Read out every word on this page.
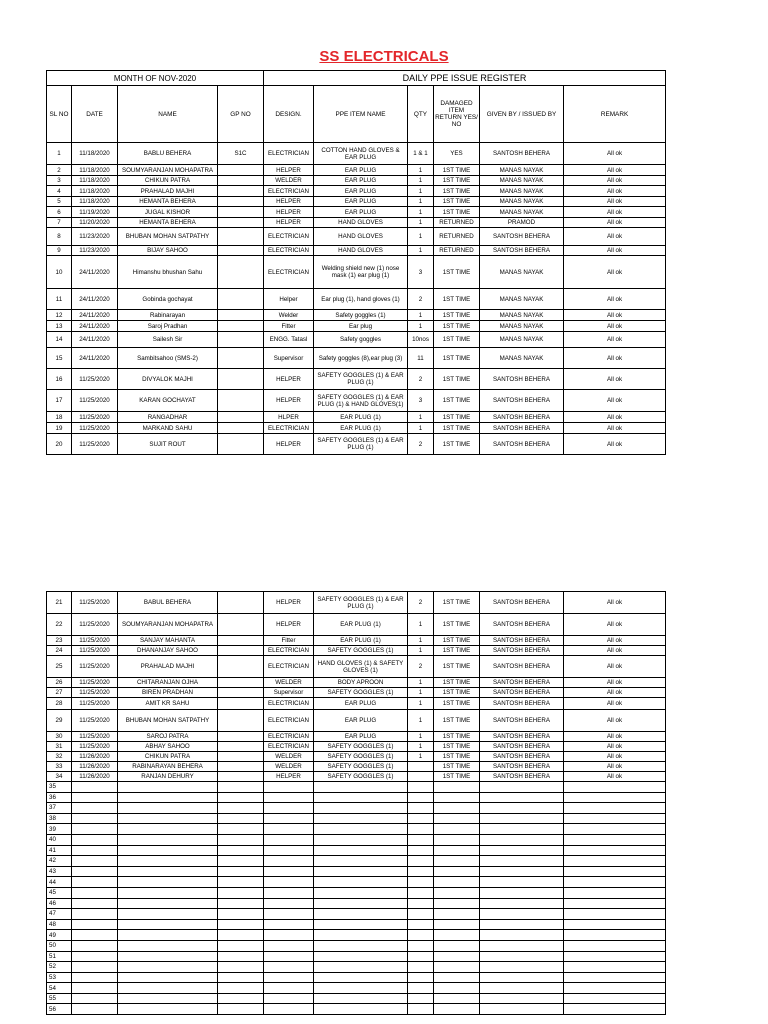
SS ELECTRICALS
MONTH OF NOV-2020				DAILY PPE ISSUE REGISTER					
SL NO	DATE	NAME	GP NO	DESIGN.	PPE ITEM NAME	QTY	DAMAGED ITEM RETURN YES/ NO	GIVEN BY / ISSUED BY	REMARK
1	11/18/2020	BABLU BEHERA	S1C	ELECTRICIAN	COTTON HAND GLOVES & EAR PLUG	1 & 1	YES	SANTOSH BEHERA	All ok
2	11/18/2020	SOUMYARANJAN MOHAPATRA		HELPER	EAR PLUG	1	1ST TIME	MANAS NAYAK	All ok
3	11/18/2020	CHIKUN PATRA		WELDER	EAR PLUG	1	1ST TIME	MANAS NAYAK	All ok
4	11/18/2020	PRAHALAD MAJHI		ELECTRICIAN	EAR PLUG	1	1ST TIME	MANAS NAYAK	All ok
5	11/18/2020	HEMANTA BEHERA		HELPER	EAR PLUG	1	1ST TIME	MANAS NAYAK	All ok
6	11/19/2020	JUGAL KISHOR		HELPER	EAR PLUG	1	1ST TIME	MANAS NAYAK	All ok
7	11/20/2020	HEMANTA BEHERA		HELPER	HAND GLOVES	1	RETURNED	PRAMOD	All ok
8	11/23/2020	BHUBAN MOHAN SATPATHY		ELECTRICIAN	HAND GLOVES	1	RETURNED	SANTOSH BEHERA	All ok
9	11/23/2020	BIJAY SAHOO		ELECTRICIAN	HAND GLOVES	1	RETURNED	SANTOSH BEHERA	All ok
10	24/11/2020	Himanshu bhushan Sahu		ELECTRICIAN	Welding shield new (1) nose mask (1) ear plug (1)	3	1ST TIME	MANAS NAYAK	All ok
11	24/11/2020	Gobinda gochayat		Helper	Ear plug (1), hand gloves (1)	2	1ST TIME	MANAS NAYAK	All ok
12	24/11/2020	Rabinarayan		Welder	Safety goggles (1)	1	1ST TIME	MANAS NAYAK	All ok
13	24/11/2020	Saroj Pradhan		Fitter	Ear plug	1	1ST TIME	MANAS NAYAK	All ok
14	24/11/2020	Sailesh Sir		ENGG. Tatasl	Safety goggles	10nos	1ST TIME	MANAS NAYAK	All ok
15	24/11/2020	Sambitsahoo (SMS-2)		Supervisor	Safety goggles (8),ear plug (3)	11	1ST TIME	MANAS NAYAK	All ok
16	11/25/2020	DIVYALOK MAJHI		HELPER	SAFETY GOGGLES (1) & EAR PLUG (1)	2	1ST TIME	SANTOSH BEHERA	All ok
17	11/25/2020	KARAN GOCHAYAT		HELPER	SAFETY GOGGLES (1) & EAR PLUG (1) & HAND GLOVES(1)	3	1ST TIME	SANTOSH BEHERA	All ok
18	11/25/2020	RANGADHAR		HLPER	EAR PLUG (1)	1	1ST TIME	SANTOSH BEHERA	All ok
19	11/25/2020	MARKAND SAHU		ELECTRICIAN	EAR PLUG (1)	1	1ST TIME	SANTOSH BEHERA	All ok
20	11/25/2020	SUJIT ROUT		HELPER	SAFETY GOGGLES (1) & EAR PLUG (1)	2	1ST TIME	SANTOSH BEHERA	All ok
21	11/25/2020	BABUL BEHERA		HELPER	SAFETY GOGGLES (1) & EAR PLUG (1)	2	1ST TIME	SANTOSH BEHERA	All ok
22	11/25/2020	SOUMYARANJAN MOHAPATRA		HELPER	EAR PLUG (1)	1	1ST TIME	SANTOSH BEHERA	All ok
23	11/25/2020	SANJAY MAHANTA		Fitter	EAR PLUG (1)	1	1ST TIME	SANTOSH BEHERA	All ok
24	11/25/2020	DHANANJAY SAHOO		ELECTRICIAN	SAFETY GOGGLES (1)	1	1ST TIME	SANTOSH BEHERA	All ok
25	11/25/2020	PRAHALAD MAJHI		ELECTRICIAN	HAND GLOVES (1) & SAFETY GLOVES (1)	2	1ST TIME	SANTOSH BEHERA	All ok
26	11/25/2020	CHITARANJAN OJHA		WELDER	BODY APROON	1	1ST TIME	SANTOSH BEHERA	All ok
27	11/25/2020	BIREN PRADHAN		Supervisor	SAFETY GOGGLES (1)	1	1ST TIME	SANTOSH BEHERA	All ok
28	11/25/2020	AMIT KR SAHU		ELECTRICIAN	EAR PLUG	1	1ST TIME	SANTOSH BEHERA	All ok
29	11/25/2020	BHUBAN MOHAN SATPATHY		ELECTRICIAN	EAR PLUG	1	1ST TIME	SANTOSH BEHERA	All ok
30	11/25/2020	SAROJ PATRA		ELECTRICIAN	EAR PLUG	1	1ST TIME	SANTOSH BEHERA	All ok
31	11/25/2020	ABHAY SAHOO		ELECTRICIAN	SAFETY GOGGLES (1)	1	1ST TIME	SANTOSH BEHERA	All ok
32	11/26/2020	CHIKUN PATRA		WELDER	SAFETY GOGGLES (1)	1	1ST TIME	SANTOSH BEHERA	All ok
33	11/26/2020	RABINARAYAN BEHERA		WELDER	SAFETY GOGGLES (1)		1ST TIME	SANTOSH BEHERA	All ok
34	11/26/2020	RANJAN DEHURY		HELPER	SAFETY GOGGLES (1)		1ST TIME	SANTOSH BEHERA	All ok
35									
36									
37									
38									
39									
40									
41									
42									
43									
44									
45									
46									
47									
48									
49									
50									
51									
52									
53									
54									
55									
56									
